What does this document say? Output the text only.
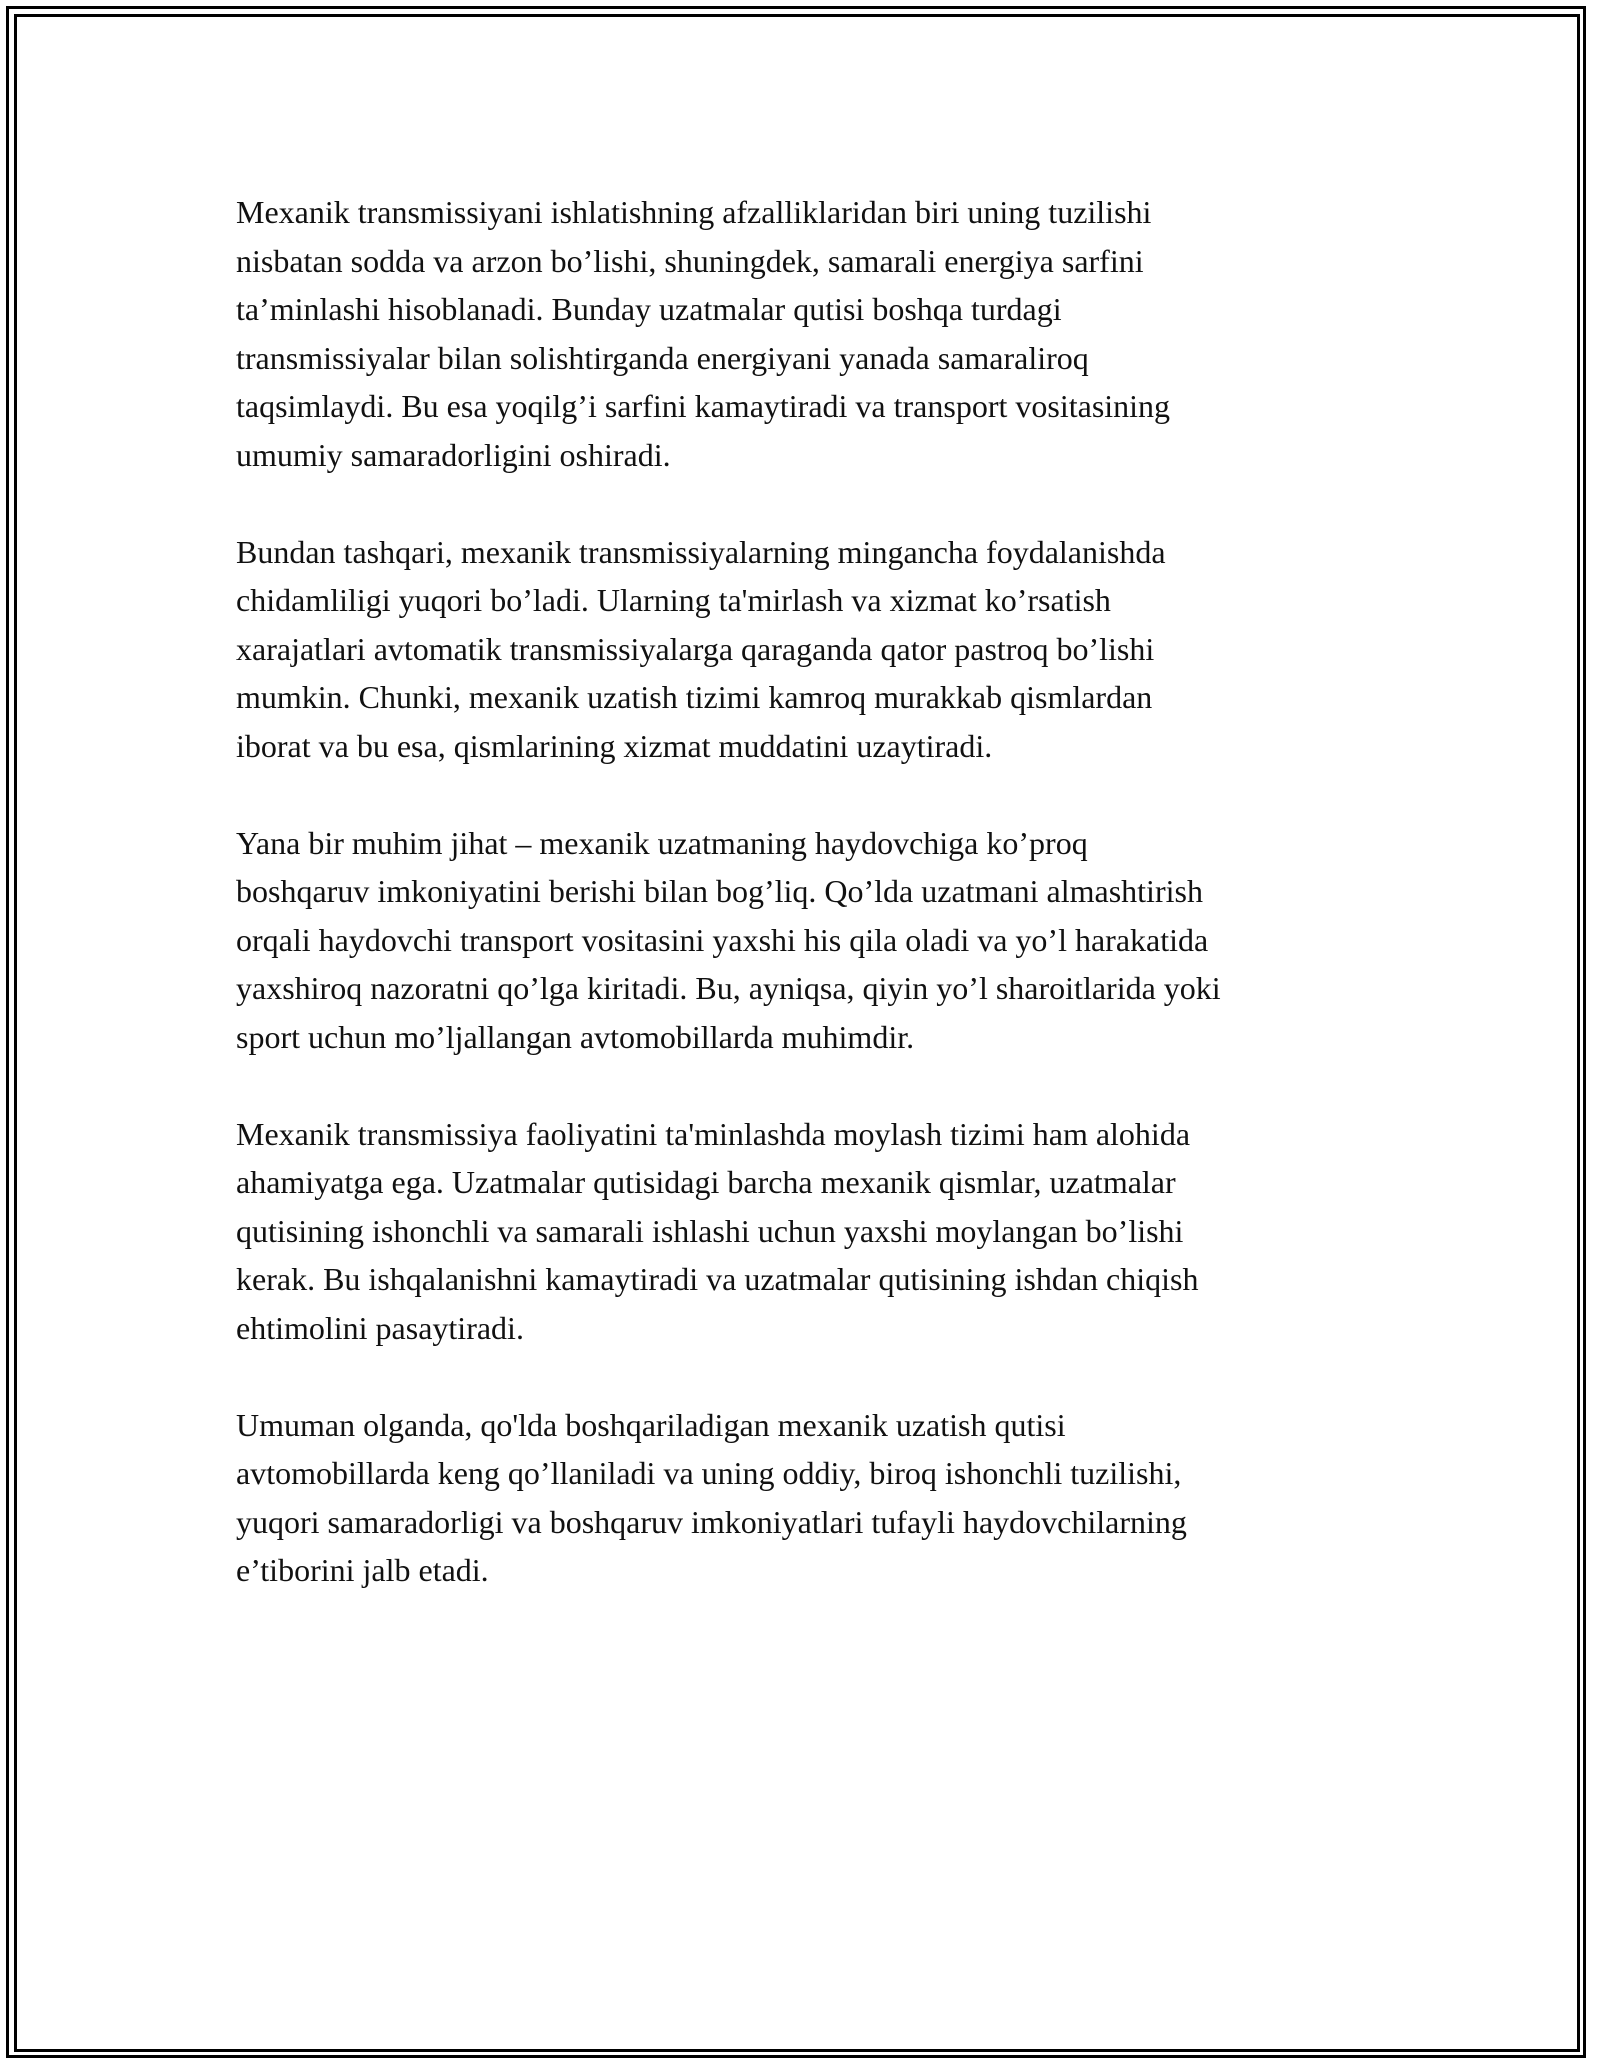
Mexanik transmissiyani ishlatishning afzalliklaridan biri uning tuzilishi
nisbatan sodda va arzon bo’lishi, shuningdek, samarali energiya sarfini
ta’minlashi hisoblanadi. Bunday uzatmalar qutisi boshqa turdagi
transmissiyalar bilan solishtirganda energiyani yanada samaraliroq
taqsimlaydi. Bu esa yoqilg’i sarfini kamaytiradi va transport vositasining
umumiy samaradorligini oshiradi.

Bundan tashqari, mexanik transmissiyalarning mingancha foydalanishda
chidamliligi yuqori bo’ladi. Ularning ta'mirlash va xizmat ko’rsatish
xarajatlari avtomatik transmissiyalarga qaraganda qator pastroq bo’lishi
mumkin. Chunki, mexanik uzatish tizimi kamroq murakkab qismlardan
iborat va bu esa, qismlarining xizmat muddatini uzaytiradi.

Yana bir muhim jihat – mexanik uzatmaning haydovchiga ko’proq
boshqaruv imkoniyatini berishi bilan bog’liq. Qo’lda uzatmani almashtirish
orqali haydovchi transport vositasini yaxshi his qila oladi va yo’l harakatida
yaxshiroq nazoratni qo’lga kiritadi. Bu, ayniqsa, qiyin yo’l sharoitlarida yoki
sport uchun mo’ljallangan avtomobillarda muhimdir.

Mexanik transmissiya faoliyatini ta'minlashda moylash tizimi ham alohida
ahamiyatga ega. Uzatmalar qutisidagi barcha mexanik qismlar, uzatmalar
qutisining ishonchli va samarali ishlashi uchun yaxshi moylangan bo’lishi
kerak. Bu ishqalanishni kamaytiradi va uzatmalar qutisining ishdan chiqish
ehtimolini pasaytiradi.

Umuman olganda, qo'lda boshqariladigan mexanik uzatish qutisi
avtomobillarda keng qo’llaniladi va uning oddiy, biroq ishonchli tuzilishi,
yuqori samaradorligi va boshqaruv imkoniyatlari tufayli haydovchilarning
e’tiborini jalb etadi.
